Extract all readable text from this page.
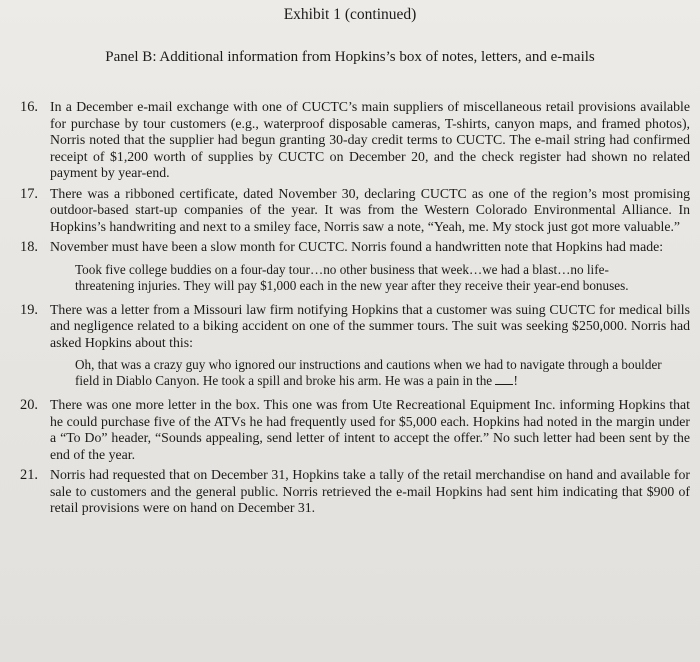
Exhibit 1 (continued)
Panel B: Additional information from Hopkins’s box of notes, letters, and e-mails
16. In a December e-mail exchange with one of CUCTC’s main suppliers of miscellaneous retail provisions available for purchase by tour customers (e.g., waterproof disposable cameras, T-shirts, canyon maps, and framed photos), Norris noted that the supplier had begun granting 30-day credit terms to CUCTC. The e-mail string had confirmed receipt of $1,200 worth of supplies by CUCTC on December 20, and the check register had shown no related payment by year-end.
17. There was a ribboned certificate, dated November 30, declaring CUCTC as one of the region’s most promising outdoor-based start-up companies of the year. It was from the Western Colorado Environmental Alliance. In Hopkins’s handwriting and next to a smiley face, Norris saw a note, “Yeah, me. My stock just got more valuable.”
18. November must have been a slow month for CUCTC. Norris found a handwritten note that Hopkins had made:
Took five college buddies on a four-day tour…no other business that week…we had a blast…no life-threatening injuries. They will pay $1,000 each in the new year after they receive their year-end bonuses.
19. There was a letter from a Missouri law firm notifying Hopkins that a customer was suing CUCTC for medical bills and negligence related to a biking accident on one of the summer tours. The suit was seeking $250,000. Norris had asked Hopkins about this:
Oh, that was a crazy guy who ignored our instructions and cautions when we had to navigate through a boulder field in Diablo Canyon. He took a spill and broke his arm. He was a pain in the !
20. There was one more letter in the box. This one was from Ute Recreational Equipment Inc. informing Hopkins that he could purchase five of the ATVs he had frequently used for $5,000 each. Hopkins had noted in the margin under a “To Do” header, “Sounds appealing, send letter of intent to accept the offer.” No such letter had been sent by the end of the year.
21. Norris had requested that on December 31, Hopkins take a tally of the retail merchandise on hand and available for sale to customers and the general public. Norris retrieved the e-mail Hopkins had sent him indicating that $900 of retail provisions were on hand on December 31.
